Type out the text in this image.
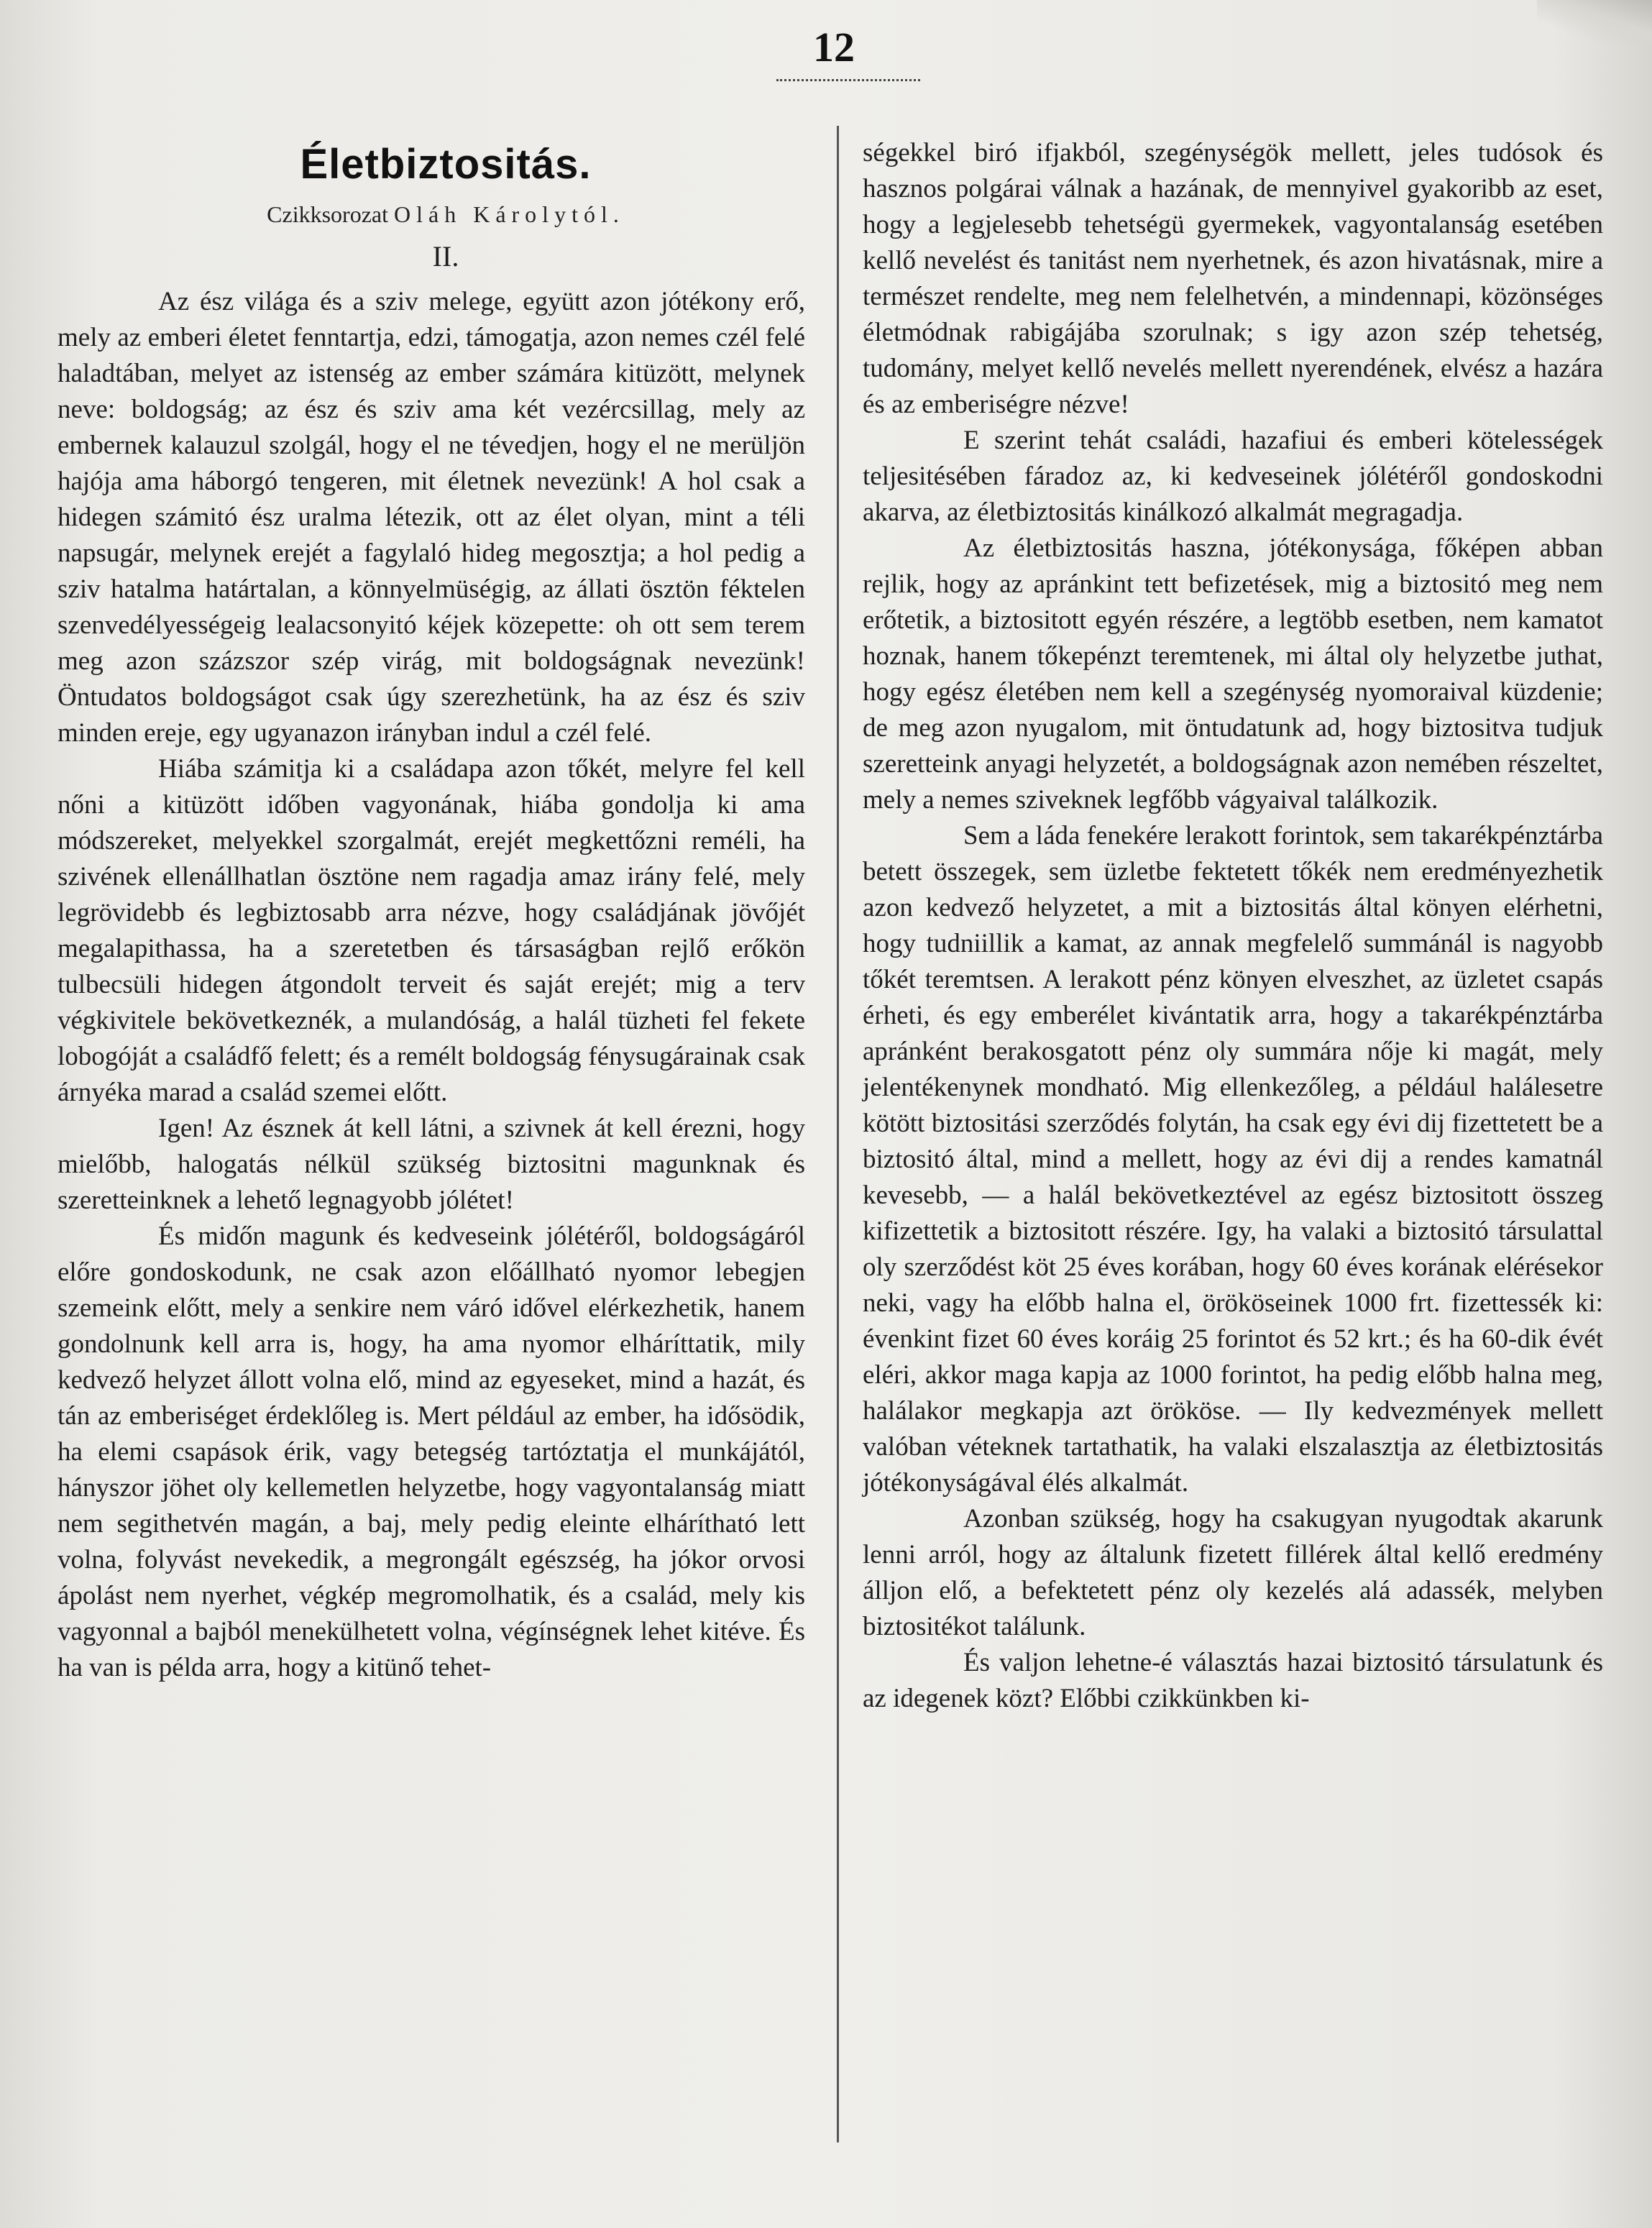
12
Életbiztositás.
Czikksorozat Oláh Károlytól.
II.

Az ész világa és a sziv melege, együtt azon jótékony erő, mely az emberi életet fenntartja, edzi, támogatja, azon nemes czél felé haladtában, melyet az istenség az ember számára kitüzött, melynek neve: boldogság; az ész és sziv ama két vezércsillag, mely az embernek kalauzul szolgál, hogy el ne tévedjen, hogy el ne merüljön hajója ama háborgó tengeren, mit életnek nevezünk! A hol csak a hidegen számitó ész uralma létezik, ott az élet olyan, mint a téli napsugár, melynek erejét a fagylaló hideg megosztja; a hol pedig a sziv hatalma határtalan, a könnyelmüségig, az állati ösztön féktelen szenvedélyességeig lealacsonyitó kéjek közepette: oh ott sem terem meg azon százszor szép virág, mit boldogságnak nevezünk! Öntudatos boldogságot csak úgy szerezhetünk, ha az ész és sziv minden ereje, egy ugyanazon irányban indul a czél felé.

Hiába számitja ki a családapa azon tőkét, melyre fel kell nőni a kitüzött időben vagyonának, hiába gondolja ki ama módszereket, melyekkel szorgalmát, erejét megkettőzni reméli, ha szivének ellenállhatlan ösztöne nem ragadja amaz irány felé, mely legrövidebb és legbiztosabb arra nézve, hogy családjának jövőjét megalapithassa, ha a szeretetben és társaságban rejlő erőkön tulbecsüli hidegen átgondolt terveit és saját erejét; mig a terv végkivitele bekövetkeznék, a mulandóság, a halál tüzheti fel fekete lobogóját a családfő felett; és a remélt boldogság fénysugárainak csak árnyéka marad a család szemei előtt.

Igen! Az észnek át kell látni, a szivnek át kell érezni, hogy mielőbb, halogatás nélkül szükség biztositni magunknak és szeretteinknek a lehető legnagyobb jólétet!

És midőn magunk és kedveseink jólétéről, boldogságáról előre gondoskodunk, ne csak azon előállható nyomor lebegjen szemeink előtt, mely a senkire nem váró idővel elérkezhetik, hanem gondolnunk kell arra is, hogy, ha ama nyomor elháríttatik, mily kedvező helyzet állott volna elő, mind az egyeseket, mind a hazát, és tán az emberiséget érdeklőleg is. Mert például az ember, ha idősödik, ha elemi csapások érik, vagy betegség tartóztatja el munkájától, hányszor jöhet oly kellemetlen helyzetbe, hogy vagyontalanság miatt nem segithetvén magán, a baj, mely pedig eleinte elhárítható lett volna, folyvást nevekedik, a megrongált egészség, ha jókor orvosi ápolást nem nyerhet, végkép megromolhatik, és a család, mely kis vagyonnal a bajból menekülhetett volna, végínségnek lehet kitéve. És ha van is példa arra, hogy a kitünő tehet-

ségekkel biró ifjakból, szegénységök mellett, jeles tudósok és hasznos polgárai válnak a hazának, de mennyivel gyakoribb az eset, hogy a legjelesebb tehetségü gyermekek, vagyontalanság esetében kellő nevelést és tanitást nem nyerhetnek, és azon hivatásnak, mire a természet rendelte, meg nem felelhetvén, a mindennapi, közönséges életmódnak rabigájába szorulnak; s igy azon szép tehetség, tudomány, melyet kellő nevelés mellett nyerendének, elvész a hazára és az emberiségre nézve!

E szerint tehát családi, hazafiui és emberi kötelességek teljesitésében fáradoz az, ki kedveseinek jólétéről gondoskodni akarva, az életbiztositás kinálkozó alkalmát megragadja.

Az életbiztositás haszna, jótékonysága, főképen abban rejlik, hogy az apránkint tett befizetések, mig a biztositó meg nem erőtetik, a biztositott egyén részére, a legtöbb esetben, nem kamatot hoznak, hanem tőkepénzt teremtenek, mi által oly helyzetbe juthat, hogy egész életében nem kell a szegénység nyomoraival küzdenie; de meg azon nyugalom, mit öntudatunk ad, hogy biztositva tudjuk szeretteink anyagi helyzetét, a boldogságnak azon nemében részeltet, mely a nemes sziveknek legfőbb vágyaival találkozik.

Sem a láda fenekére lerakott forintok, sem takarékpénztárba betett összegek, sem üzletbe fektetett tőkék nem eredményezhetik azon kedvező helyzetet, a mit a biztositás által könyen elérhetni, hogy tudniillik a kamat, az annak megfelelő summánál is nagyobb tőkét teremtsen. A lerakott pénz könyen elveszhet, az üzletet csapás érheti, és egy emberélet kivántatik arra, hogy a takarékpénztárba apránként berakosgatott pénz oly summára nője ki magát, mely jelentékenynek mondható. Mig ellenkezőleg, a például halálesetre kötött biztositási szerződés folytán, ha csak egy évi dij fizettetett be a biztositó által, mind a mellett, hogy az évi dij a rendes kamatnál kevesebb, — a halál bekövetkeztével az egész biztositott összeg kifizettetik a biztositott részére. Igy, ha valaki a biztositó társulattal oly szerződést köt 25 éves korában, hogy 60 éves korának elérésekor neki, vagy ha előbb halna el, örököseinek 1000 frt. fizettessék ki: évenkint fizet 60 éves koráig 25 forintot és 52 krt.; és ha 60-dik évét eléri, akkor maga kapja az 1000 forintot, ha pedig előbb halna meg, halálakor megkapja azt örököse. — Ily kedvezmények mellett valóban véteknek tartathatik, ha valaki elszalasztja az életbiztositás jótékonyságával élés alkalmát.

Azonban szükség, hogy ha csakugyan nyugodtak akarunk lenni arról, hogy az általunk fizetett fillérek által kellő eredmény álljon elő, a befektetett pénz oly kezelés alá adassék, melyben biztositékot találunk.

És valjon lehetne-é választás hazai biztositó társulatunk és az idegenek közt? Előbbi czikkünkben ki-
